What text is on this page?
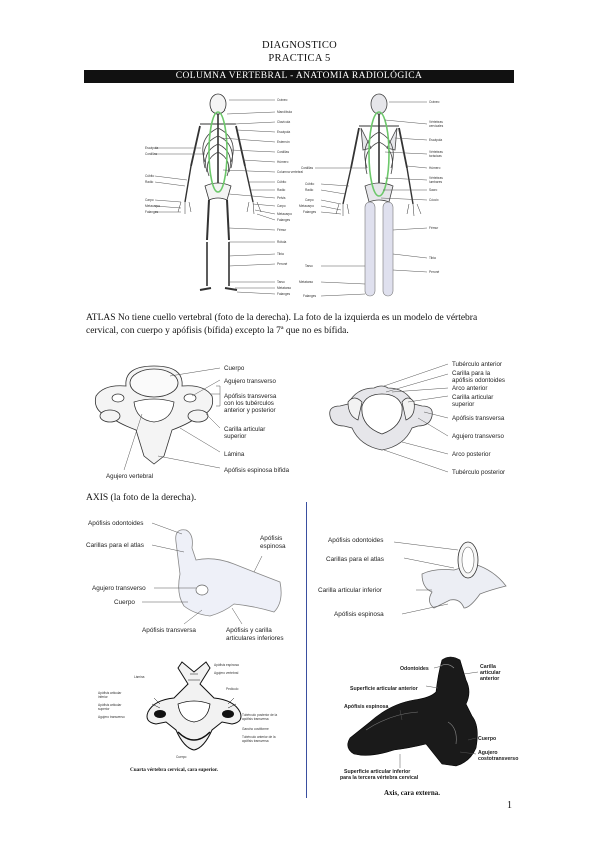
DIAGNOSTICO
PRACTICA 5
COLUMNA VERTEBRAL - ANATOMIA RADIOLÓGICA
Cráneo
Mandíbula
Clavícula
Escápula
Esternón
Costillas
Húmero
Columna vertebral
Cúbito
Radio
Pelvis
Carpo
Metacarpo
Falanges
Fémur
Rótula
Tibia
Peroné
Tarso
Metatarso
Falanges
Escápula
Costillas
Cúbito
Radio
Carpo
Metacarpo
Falanges
Cráneo
Vértebras
cervicales
Escápula
Vértebras
torácicas
Húmero
Vértebras
lumbares
Sacro
Cóccix
Fémur
Tibia
Peroné
Costillas
Cúbito
Radio
Carpo
Metacarpo
Falanges
Tarso
Metatarso
Falanges
ATLAS No tiene cuello vertebral (foto de la derecha). La foto de la izquierda es un modelo de vértebra
cervical, con cuerpo y apófisis (bífida) excepto la 7ª que no es bífida.
Cuerpo
Agujero transverso
Apófisis transversa
con los tubérculos
anterior y posterior
Carilla articular
superior
Lámina
Apófisis espinosa bífida
Agujero vertebral
Tubérculo anterior
Carilla para la
apófisis odontoides
Arco anterior
Carilla articular
superior
Apófisis transversa
Agujero transverso
Arco posterior
Tubérculo posterior
AXIS (la foto de la derecha).
Apófisis odontoides
Carillas para el atlas
Agujero transverso
Cuerpo
Apófisis transversa
Apófisis
espinosa
Apófisis y carilla
articulares inferiores
Apófisis odontoides
Carillas para el atlas
Carilla articular inferior
Apófisis espinosa
Apófisis espinosa
Agujero vertebral
Lámina
Pedículo
Apófisis articular
inferior
Apófisis articular
superior
Agujero transverso	Tubérculo posterior de la
apófisis transversa
Gancho costiforme
Tubérculo anterior de la
apófisis transversa
Cuerpo
Cuarta vértebra cervical, cara superior.
Odontoides	Carilla
articular
anterior
Superficie articular anterior
Apófisis espinosa
Cuerpo
Agujero
costotransverso
Superficie articular inferior
para la tercera vértebra cervical
Axis, cara externa.
1
